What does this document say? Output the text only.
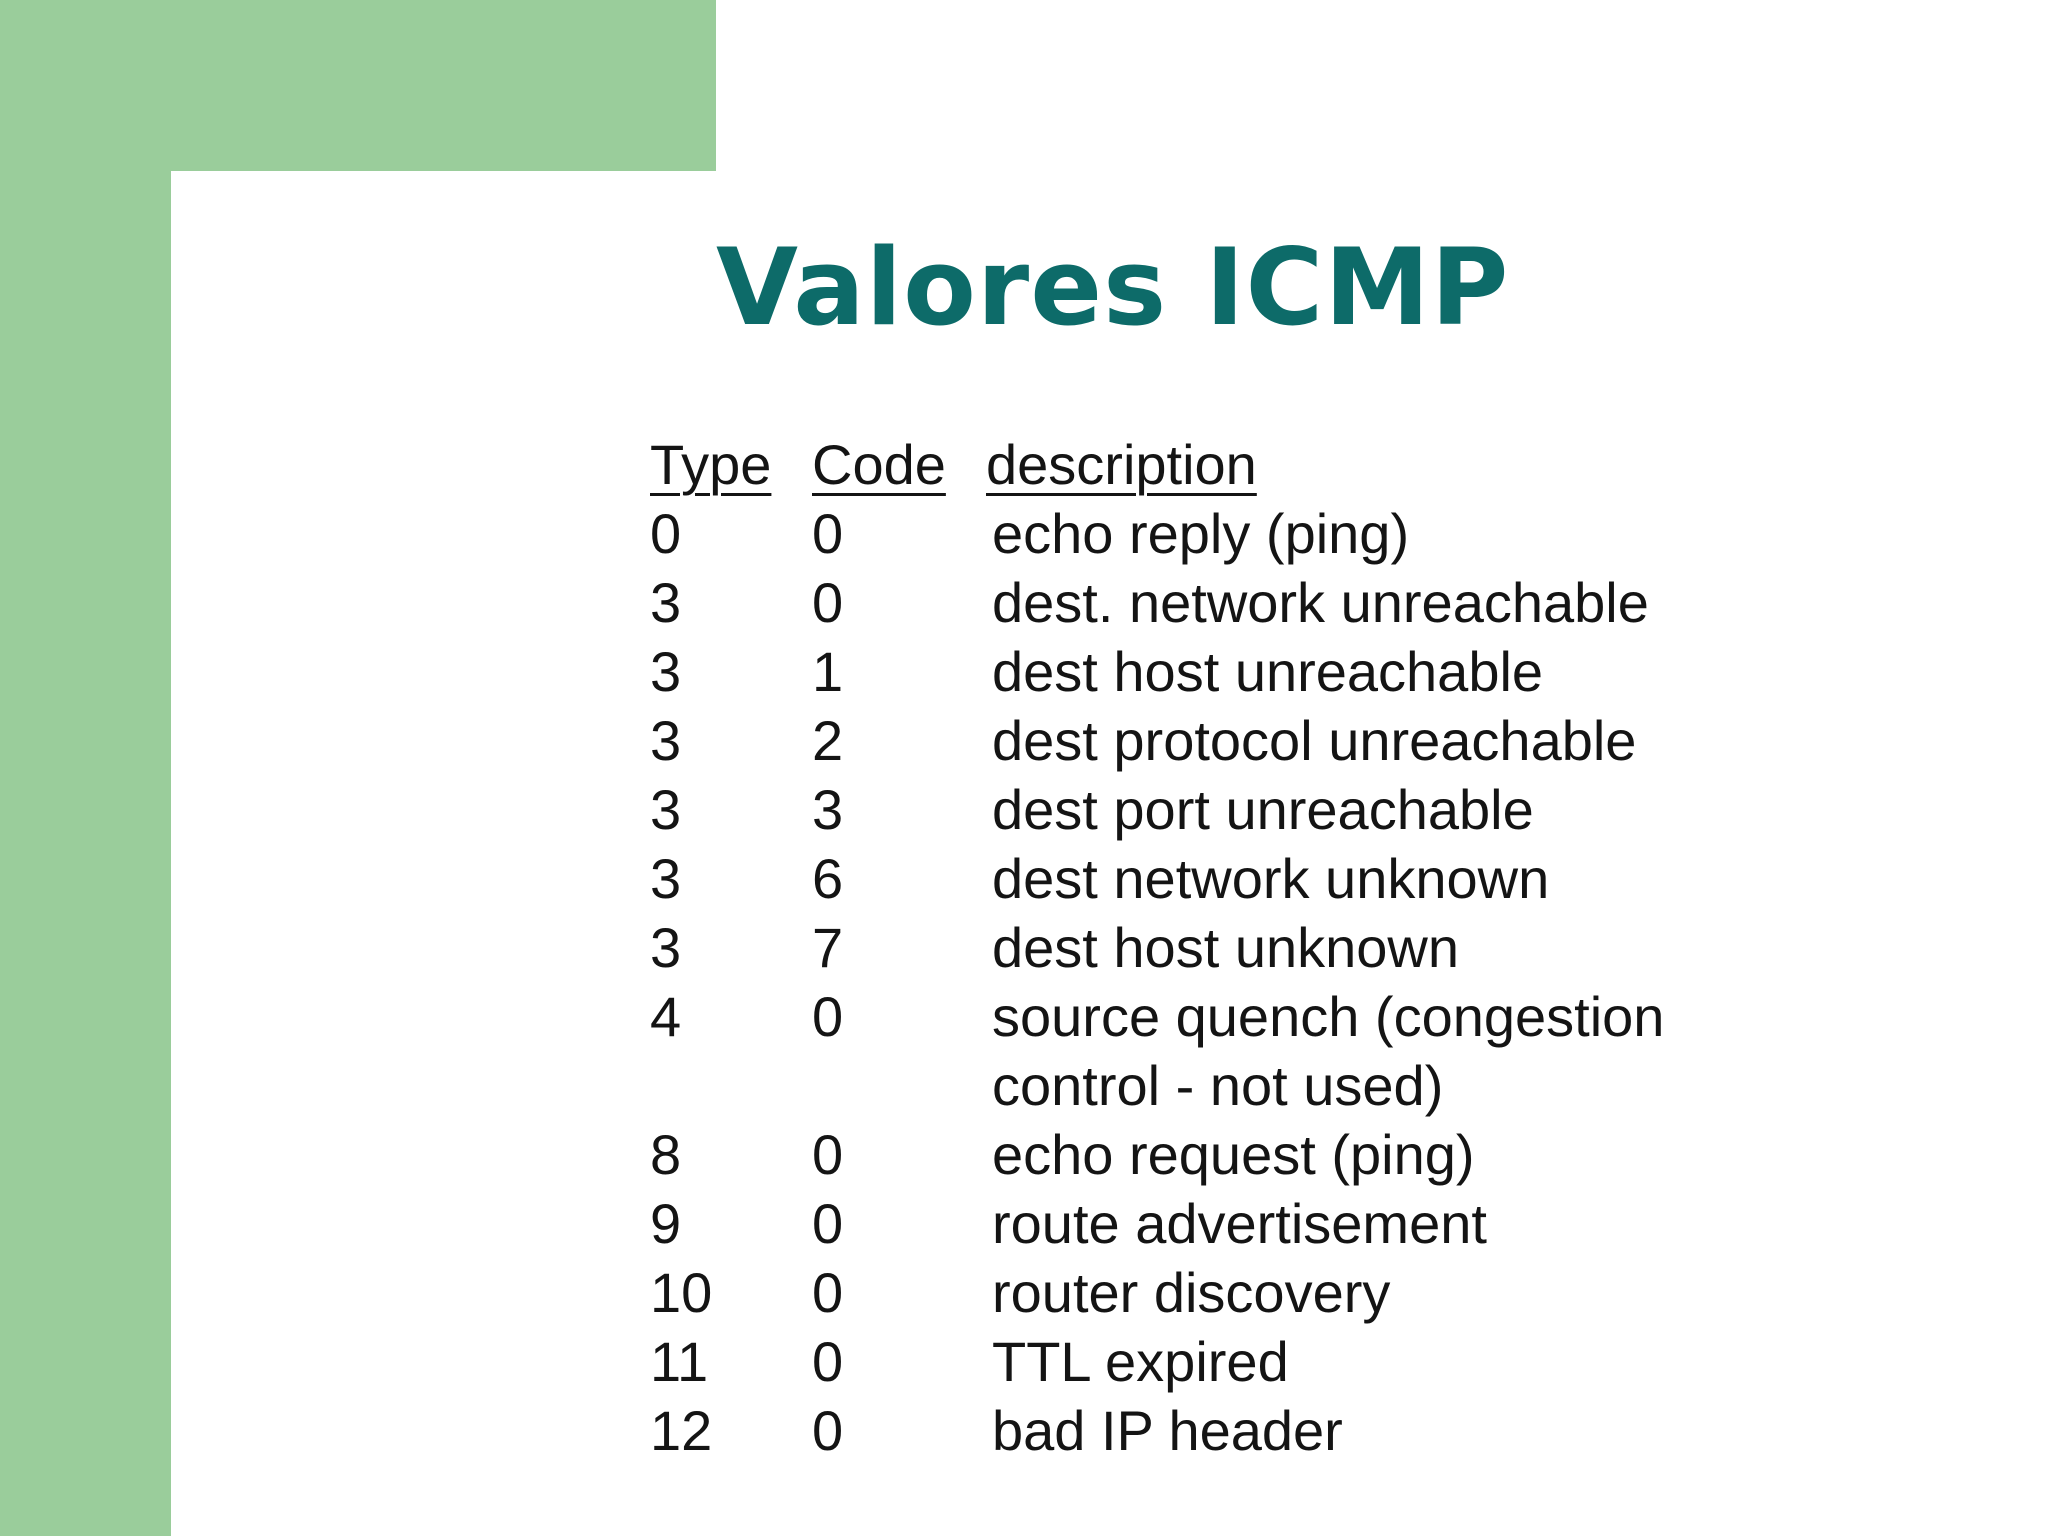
Valores ICMP
Type Code description
0 0	echo reply (ping)
3 0	dest. network unreachable
3 1	dest host unreachable
3 2	dest protocol unreachable
3 3	dest port unreachable
3 6	dest network unknown
3 7	dest host unknown
4 0	source quench (congestion
control - not used)
8 0	echo request (ping)
9 0	route advertisement
10 0	router discovery
11 0	TTL expired
12 0	bad IP header
